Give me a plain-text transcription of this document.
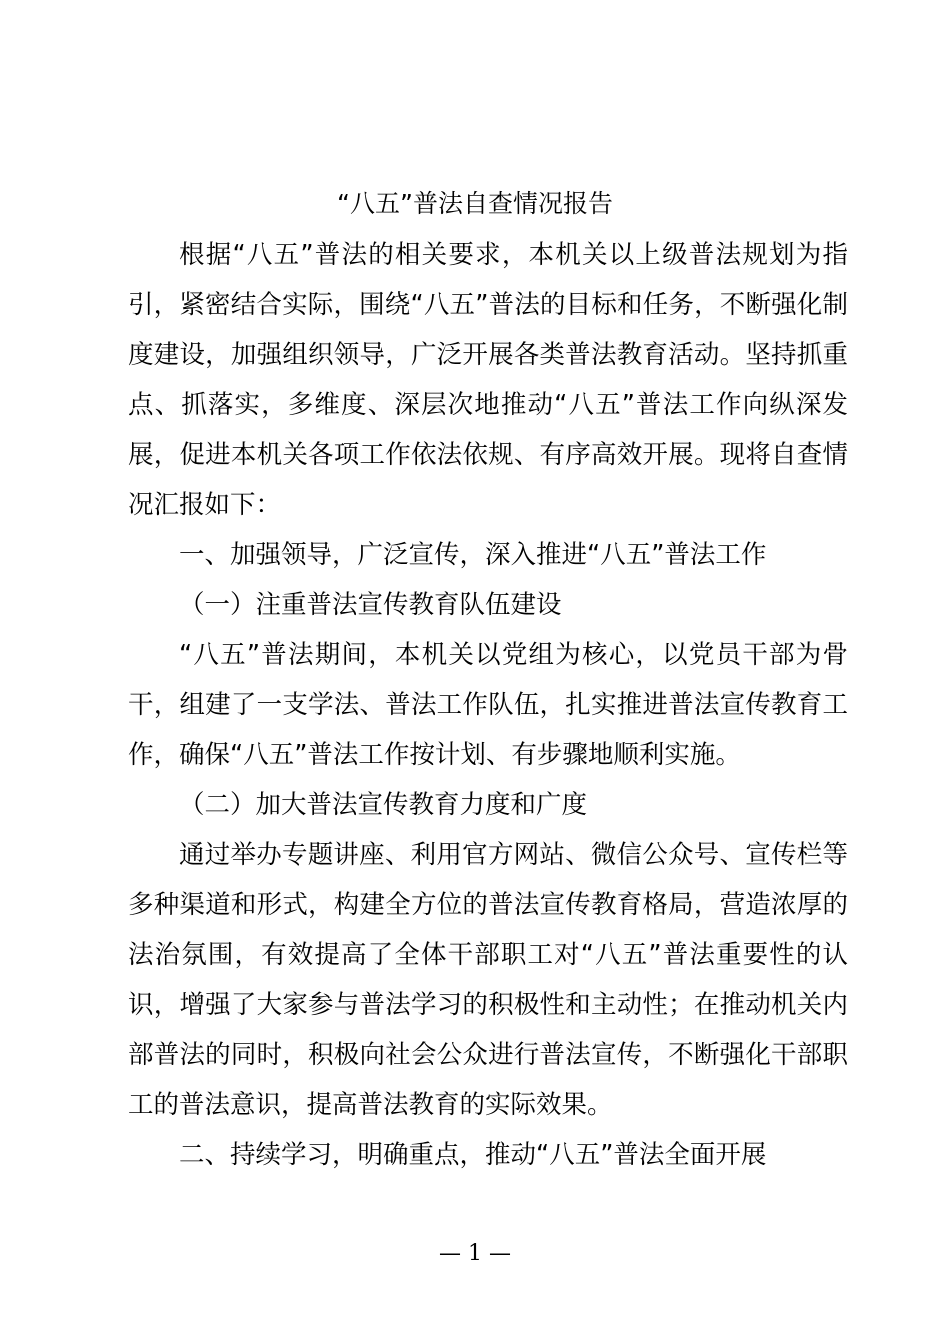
“八五”普法自查情况报告

根据“八五”普法的相关要求，本机关以上级普法规划为指引，紧密结合实际，围绕“八五”普法的目标和任务，不断强化制度建设，加强组织领导，广泛开展各类普法教育活动。坚持抓重点、抓落实，多维度、深层次地推动“八五”普法工作向纵深发展，促进本机关各项工作依法依规、有序高效开展。现将自查情况汇报如下：

一、加强领导，广泛宣传，深入推进“八五”普法工作

（一）注重普法宣传教育队伍建设

“八五”普法期间，本机关以党组为核心，以党员干部为骨干，组建了一支学法、普法工作队伍，扎实推进普法宣传教育工作，确保“八五”普法工作按计划、有步骤地顺利实施。

（二）加大普法宣传教育力度和广度

通过举办专题讲座、利用官方网站、微信公众号、宣传栏等多种渠道和形式，构建全方位的普法宣传教育格局，营造浓厚的法治氛围，有效提高了全体干部职工对“八五”普法重要性的认识，增强了大家参与普法学习的积极性和主动性；在推动机关内部普法的同时，积极向社会公众进行普法宣传，不断强化干部职工的普法意识，提高普法教育的实际效果。

二、持续学习，明确重点，推动“八五”普法全面开展

— 1 —
